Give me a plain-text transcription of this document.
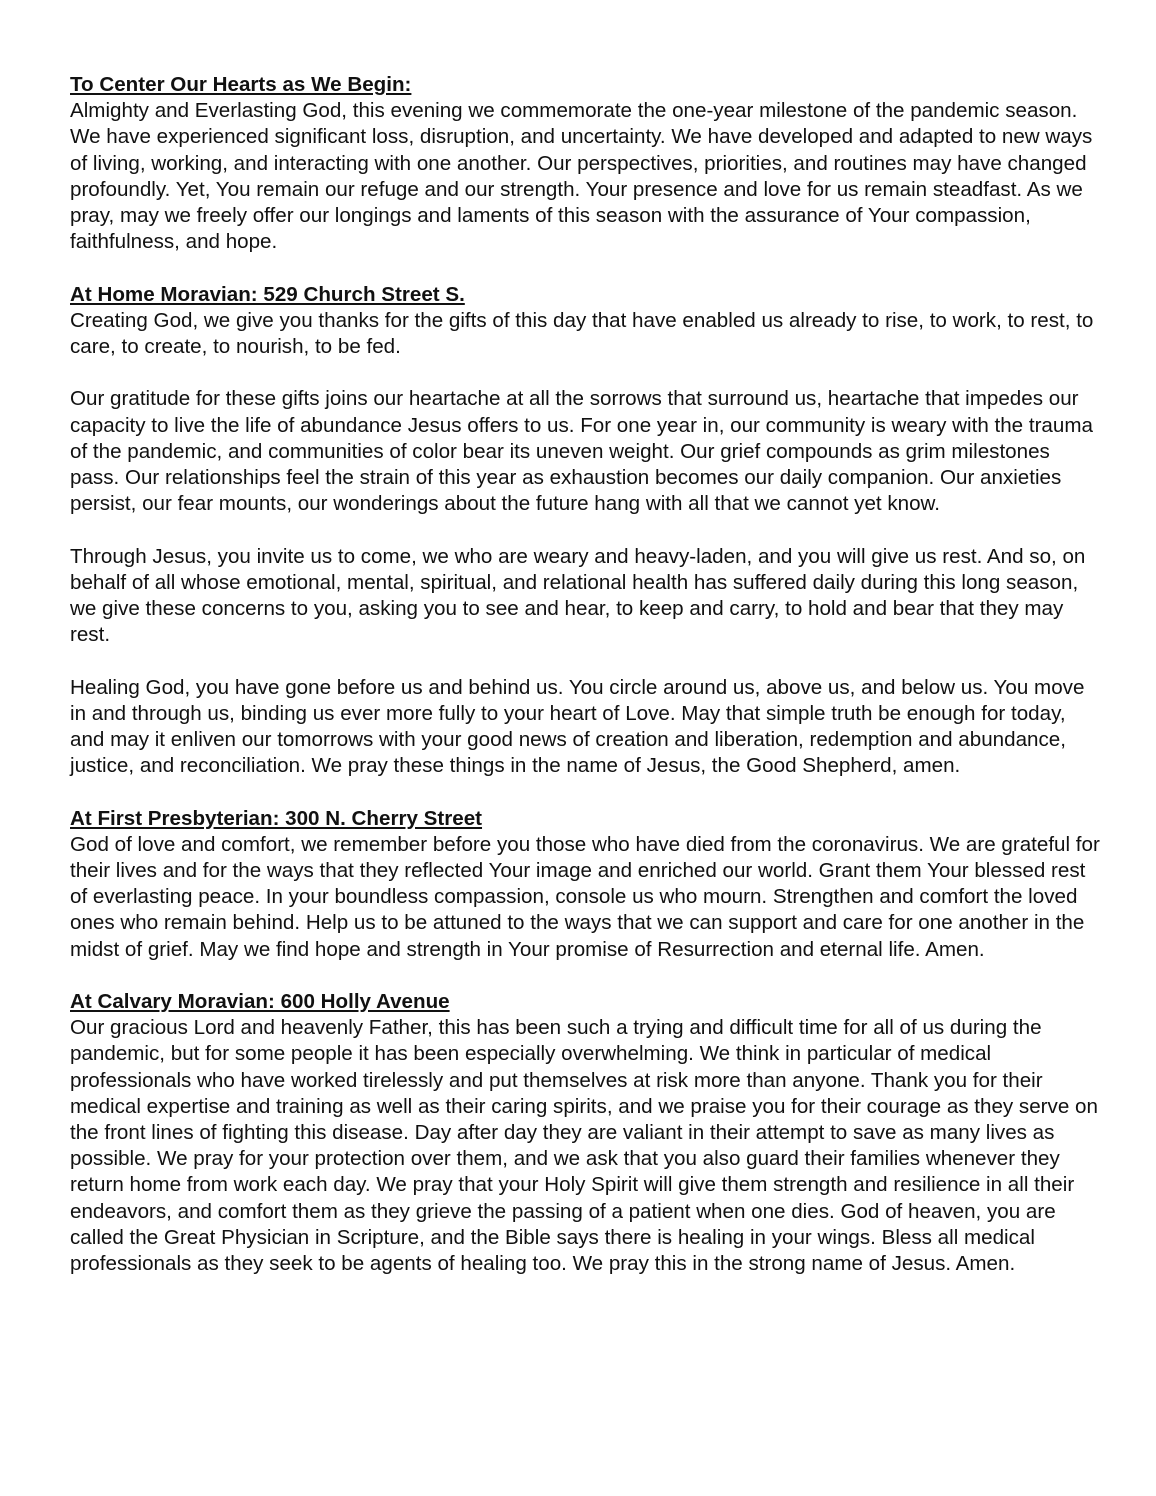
To Center Our Hearts as We Begin:

Almighty and Everlasting God, this evening we commemorate the one-year milestone of the pandemic season. We have experienced significant loss, disruption, and uncertainty. We have developed and adapted to new ways of living, working, and interacting with one another. Our perspectives, priorities, and routines may have changed profoundly. Yet, You remain our refuge and our strength. Your presence and love for us remain steadfast. As we pray, may we freely offer our longings and laments of this season with the assurance of Your compassion, faithfulness, and hope.

At Home Moravian: 529 Church Street S.

Creating God, we give you thanks for the gifts of this day that have enabled us already to rise, to work, to rest, to care, to create, to nourish, to be fed.

Our gratitude for these gifts joins our heartache at all the sorrows that surround us, heartache that impedes our capacity to live the life of abundance Jesus offers to us. For one year in, our community is weary with the trauma of the pandemic, and communities of color bear its uneven weight. Our grief compounds as grim milestones pass. Our relationships feel the strain of this year as exhaustion becomes our daily companion. Our anxieties persist, our fear mounts, our wonderings about the future hang with all that we cannot yet know.

Through Jesus, you invite us to come, we who are weary and heavy-laden, and you will give us rest. And so, on behalf of all whose emotional, mental, spiritual, and relational health has suffered daily during this long season, we give these concerns to you, asking you to see and hear, to keep and carry, to hold and bear that they may rest.

Healing God, you have gone before us and behind us. You circle around us, above us, and below us. You move in and through us, binding us ever more fully to your heart of Love. May that simple truth be enough for today, and may it enliven our tomorrows with your good news of creation and liberation, redemption and abundance, justice, and reconciliation. We pray these things in the name of Jesus, the Good Shepherd, amen.

At First Presbyterian: 300 N. Cherry Street

God of love and comfort, we remember before you those who have died from the coronavirus. We are grateful for their lives and for the ways that they reflected Your image and enriched our world. Grant them Your blessed rest of everlasting peace. In your boundless compassion, console us who mourn. Strengthen and comfort the loved ones who remain behind. Help us to be attuned to the ways that we can support and care for one another in the midst of grief. May we find hope and strength in Your promise of Resurrection and eternal life. Amen.

At Calvary Moravian: 600 Holly Avenue

Our gracious Lord and heavenly Father, this has been such a trying and difficult time for all of us during the pandemic, but for some people it has been especially overwhelming. We think in particular of medical professionals who have worked tirelessly and put themselves at risk more than anyone. Thank you for their medical expertise and training as well as their caring spirits, and we praise you for their courage as they serve on the front lines of fighting this disease. Day after day they are valiant in their attempt to save as many lives as possible. We pray for your protection over them, and we ask that you also guard their families whenever they return home from work each day. We pray that your Holy Spirit will give them strength and resilience in all their endeavors, and comfort them as they grieve the passing of a patient when one dies. God of heaven, you are called the Great Physician in Scripture, and the Bible says there is healing in your wings. Bless all medical professionals as they seek to be agents of healing too. We pray this in the strong name of Jesus. Amen.
